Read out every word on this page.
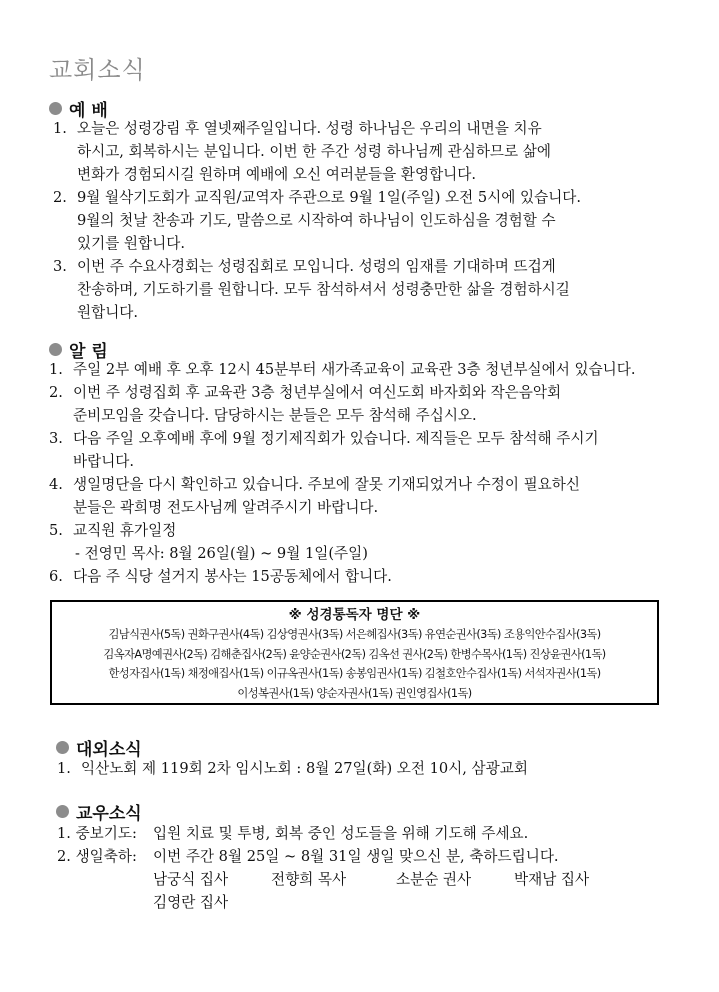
교회소식
예 배
1. 오늘은 성령강림 후 열넷째주일입니다. 성령 하나님은 우리의 내면을 치유
하시고, 회복하시는 분입니다. 이번 한 주간 성령 하나님께 관심하므로 삶에
변화가 경험되시길 원하며 예배에 오신 여러분들을 환영합니다.
2. 9월 월삭기도회가 교직원/교역자 주관으로 9월 1일(주일) 오전 5시에 있습니다.
9월의 첫날 찬송과 기도, 말씀으로 시작하여 하나님이 인도하심을 경험할 수
있기를 원합니다.
3. 이번 주 수요사경회는 성령집회로 모입니다. 성령의 임재를 기대하며 뜨겁게
찬송하며, 기도하기를 원합니다. 모두 참석하셔서 성령충만한 삶을 경험하시길
원합니다.
알 림
1. 주일 2부 예배 후 오후 12시 45분부터 새가족교육이 교육관 3층 청년부실에서 있습니다.
2. 이번 주 성령집회 후 교육관 3층 청년부실에서 여신도회 바자회와 작은음악회
준비모임을 갖습니다. 담당하시는 분들은 모두 참석해 주십시오.
3. 다음 주일 오후예배 후에 9월 정기제직회가 있습니다. 제직들은 모두 참석해 주시기
바랍니다.
4. 생일명단을 다시 확인하고 있습니다. 주보에 잘못 기재되었거나 수정이 필요하신
분들은 곽희명 전도사님께 알려주시기 바랍니다.
5. 교직원 휴가일정
- 전영민 목사: 8월 26일(월) ~ 9월 1일(주일)
6. 다음 주 식당 설거지 봉사는 15공동체에서 합니다.
※ 성경통독자 명단 ※
김남식권사(5독) 권화구권사(4독) 김상영권사(3독) 서은혜집사(3독) 유연순권사(3독) 조용익안수집사(3독)
김옥자A명예권사(2독) 김해춘집사(2독) 윤양순권사(2독) 김옥선 권사(2독) 한병수목사(1독) 진상윤권사(1독)
한성자집사(1독) 채정애집사(1독) 이규옥권사(1독) 송봉임권사(1독) 김철호안수집사(1독) 서석자권사(1독)
이성복권사(1독) 양순자권사(1독) 권인영집사(1독)
대외소식
1. 익산노회 제 119회 2차 임시노회 : 8월 27일(화) 오전 10시, 삼광교회
교우소식
1. 중보기도:	입원 치료 및 투병, 회복 중인 성도들을 위해 기도해 주세요.
2. 생일축하:	이번 주간 8월 25일 ~ 8월 31일 생일 맞으신 분, 축하드립니다.
남궁식 집사	전향희 목사	소분순 권사	박재남 집사
김영란 집사
